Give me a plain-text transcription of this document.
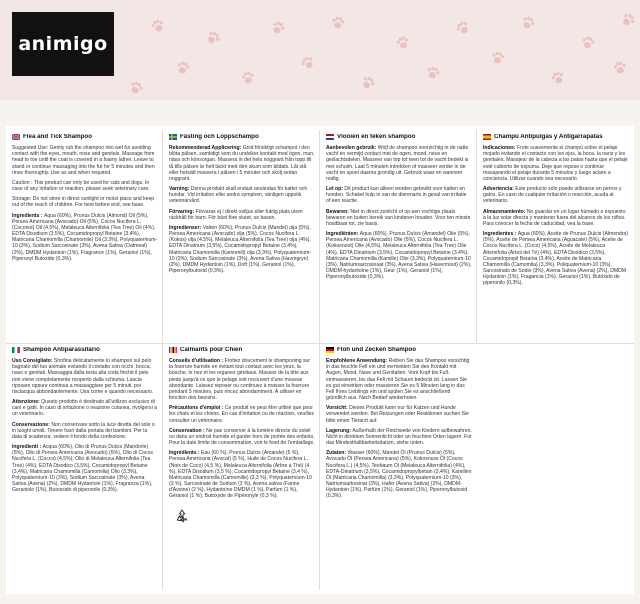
animigo
Flea and Tick Shampoo

Suggested Use: Gently rub the shampoo into wet fur avoiding contact with the eyes, mouth, nose and genitals. Massage from head to toe until the coat is covered in a foamy lather. Leave to stand or continue massaging into the fur for 5 minutes and then rinse thoroughly. Use as and when required.

Caution : This product can only be used for cats and dogs. In case of any irritation or reaction, please seek veterinary care.

Storage: Do not store in direct sunlight or moist place and keep out of the reach of children. For best before end, see base.

Ingredients : Aqua (60%), Prunus Dulcis (Almond) Oil (5%), Persea Americana (Avocado) Oil (5%), Cocos Nucifera L. (Coconut) Oil (4.5%), Melaleuca Alternifolia (Tea Tree) Oil (4%), EDTA Disodium (3.5%), Cocamidopropyl Betaine (3.4%), Matricaria Chamomilla (Chamomile) Oil (3.3%), Polyquaternium-10 (3%), Sodium Sarcosinate (3%), Avena Sativa (Oatmeal) (2%), DMDM Hydantoin (1%), Fragrance (1%), Geraniol (1%), Piperonyl Butoxide (0.3%).

Fästing och Loppschampo

Rekommenderad Applicering: Gnid försiktigt schampot i den blöta pälsen, samtidigt som du undviker kontakt med ögon, mun, näsa och könsorgan. Massera in det hela noggrant från topp till tå tills pälsen är helt täckt med den skum som bildats. Låt stå eller fortsätt massera i pälsen i 5 minuter och skölj sedan noggrant.

Varning: Denna produkt skall endast användas för katter och hundar. Vid irritation eller andra symptom, vänligen uppsök veterinärvård.

Förvaring: Förvaras ej i direkt solljus eller fuktig plats utom räckhåll för barn. För bäst före slutet, se basen.

Ingredienser: Vatten (60%), Prunus Dulcis (Mandel) olja (5%), Persea Americana (Avocado) olja (5%), Cocos Nucifera L. (Kokos) olja (4,5%), Melaleuca Alternifolia (Tea Tree) olja (4%), EDTA Dinatrium (3,5%), Cocamidopropyl Betaine (3,4%), Matricaria Chamomilla (Kamomill) olja (3,3%), Polyquaternium-10 (3%), Sodium Sarcosinate (3%), Avena Sativa (Havregryn) (2%), DMDM Hydantoin (1%), Doft (1%), Geraniol (1%), Piperonylbutoxid (0,3%).

Vlooien en teken shampoo

Aanbevolen gebruik: Wrijf de shampoo voorzichtig in de natte vacht en vermijd contact met de ogen, mond, neus en geslachtsdelen. Masseer van top tot teen tot de vacht bedekt is met schuim. Laat 5 minuten intrekken of masseer verder in de vacht en spoel daarna grondig uit. Gebruik waar en wanneer nodig.

Let op: Dit product kan alleen worden gebruikt voor katten en honden. Schakel hulp in van de dierenarts in geval van irritatie of een reactie.

Bewaren: Niet in direct zonlicht of op een vochtige plaats bewaren en buiten bereik van kinderen houden. Voor ten minste houdbaar tot, zie basis.

Ingrediënten: Aqua (60%), Prunus Dulcis (Amandel) Olie (5%), Persea Americana (Avocado) Olie (5%), Cocos Nucifera L. (Kokosnoot) Olie (4,5%), Melaleuca Alternifolia (Tea Tree) Olie (4%), EDTA Dinatrium (3,5%), Cocamidopropyl Betaïne (3,4%), Matricaria Chamomilla (Kamille) Olie (3,3%), Polyquaternium-10 (3%), Natriumsarcosinaat (3%), Avena Sativa (Havermout) (2%), DMDM-hydantoïne (1%), Geur (1%), Geraniol (1%), Piperonylbutoxide (0,3%).

Champú Antipulgas y Antigarrapatas

Indicaciones: Frote suavemente el champú sobre el pelaje mojado evitando el contacto con los ojos, la boca, la nariz y los genitales. Masajear de la cabeza a las patas hasta que el pelaje esté cubierto de espuma. Deje que repose o continúe masajeando el pelaje durante 5 minutos y luego aclare a conciencia. Utilizar cuando sea necesario.

Advertencia: Este producto sólo puede utilizarse en perros y gatos. En caso de cualquier irritación o reacción, acuda al veterinario.

Almacenamiento: No guardar en un lugar húmedo o expuesto a la luz solar directa y mantener fuera del alcance de los niños. Para conocer la fecha de caducidad, vea la base.

Ingredientes : Agua (60%), Aceite de Prunus Dulcis (Almendra) (5%), Aceite de Persea Americana (Aguacate) (5%), Aceite de Cocos Nucifera L. (Coco) (4,5%), Aceite de Melaleuca Alternifolia (Árbol del Té) (4%), EDTA Disódico (3,5%), Cocamidopropil Betaína (3,4%), Aceite de Matricaria Chamomilla (Camomila) (3,3%), Poliquaternium-10 (3%), Sarcosinato de Sodio (3%), Avena Sativa (Avena) (2%), DMDM Hydantoin (1%), Fragancia (1%), Geraniol (1%), Butóxido de piperonilo (0,3%).

Shampoo Antiparassitario

Uso Consigliato: Strofina delicatamente lo shampoo sul pelo bagnato del tuo animale evitando il contatto con occhi, bocca, naso e genitali. Massaggia dalla testa alla coda finché il pelo non viene completamente ricoperto dalla schiuma. Lascia riposare oppure continua a massaggiare per 5 minuti, poi risciacqua abbondantemente. Usa come e quando necessario.

Attenzione: Questo prodotto è destinato all'utilizzo esclusivo di cani e gatti. In caso di irritazione o reazione cutanea, rivolgersi a un veterinario.

Conservazione: Non conservare sotto la luce diretta del sole o in luoghi umidi. Tenere fuori dalla portata dei bambini. Per la data di scadenza, vedere il fondo della confezione.

Ingredienti : Acqua (60%), Olio di Prunus Dulcis (Mandorle) (5%), Olio di Persea Americana (Avocado) (5%), Olio di Cocos Nucifera L. (Cocco) (4,5%), Olio di Melaleuca Alternifolia (Tea Tree) (4%), EDTA Disodico (3,5%), Cocamidopropyl Betaine (3,4%), Matricaria Chamomilla (Camomilla) Olio (3,3%), Polyquaternium-10 (3%), Sodium Sarcosinate (3%), Avena Sativa (Avena) (2%), DMDM Hydantoin (1%), Fragranza (1%), Geraniolo (1%), Butossido di piperonile (0,3%).

Calmants pour Chien

Conseils d'utilisation : Frottez doucement le shampooing sur la fourrure humide en évitant tout contact avec les yeux, la bouche, le nez et les organes génitaux. Massez de la tête aux pieds jusqu'à ce que le pelage soit recouvert d'une mousse abondante. Laissez reposer ou continuez à masser la fourrure pendant 5 minutes, puis rincez abondamment. À utiliser en fonction des besoins.

Précautions d'emploi : Ce produit ne peut être utilisé que pour les chats et les chiens. En cas d'irritation ou de réaction, veuillez consulter un vétérinaire.

Conservation : Ne pas conserver à la lumière directe du soleil ou dans un endroit humide et garder hors de portée des enfants. Pour la date limite de consommation, voir le fond de l'emballage.

Ingrédients : Eau (60 %), Prunus Dulcis (Amande) (5 %), Persea Americana (Avocat) (5 %), Huile de Cocos Nucifera L. (Noix de Coco) (4,5 %), Melaleuca Alternifolia (Arbre à Thé) (4 %), EDTA Disodium (3,5 %), Cocamidopropyl Betaine (3,4 %), Matricaria Chamomilla (Camomille) (3,3 %), Polyquaternium-10 (3 %), Sarcosinate de Sodium (3 %), Avena sativa (Farine d'Avoine) (2 %), Hydantoïne DMDM (1 %), Parfum (1 %), Géraniol (1 %), Butoxyde de Pipéronyle (0,3 %).

Floh und Zecken Shampoo

Empfohlene Anwendung: Reiben Sie das Shampoo vorsichtig in das feuchte Fell ein und vermeiden Sie den Kontakt mit Augen, Mund, Nase und Genitalien. Vom Kopf bis Fuß einmassieren, bis das Fell mit Schaum bedeckt ist. Lassen Sie es gut einwirken oder massieren Sie es 5 Minuten lang in das Fell Ihres Lieblings ein und spülen Sie es anschließend gründlich aus. Nach Bedarf wiederholen.

Vorsicht: Dieses Produkt kann nur für Katzen und Hunde verwendet werden. Bei Reizungen oder Reaktionen suchen Sie bitte einen Tierarzt auf.

Lagerung: Außerhalb der Reichweite von Kindern aufbewahren. Nicht in direktem Sonnenlicht oder an feuchten Orten lagern. Für das Mindesthaltbarkeitsdatum, siehe unten.

Zutaten: Wasser (60%), Mandel Öl (Prunus Dulcis) (5%), Avocado Öl (Persea Americana) (5%), Kokosnuss Öl (Cocos Nucifera L.) (4,5%), Teebaum Öl (Melaleuca Alternifolia) (4%), EDTA-Dinatrium (3,5%), Cocamidopropylbetain (3,4%), Kamillen Öl (Matricaria Chamomilla) (3,3%), Polyquaternium-10 (3%), Natriumsarkosinat (3%), Hafer (Avena Sativa) (2%), DMDM-Hydantoin (1%), Parfüm (1%), Geraniol (1%), Piperonylbutoxid (0,3%).
